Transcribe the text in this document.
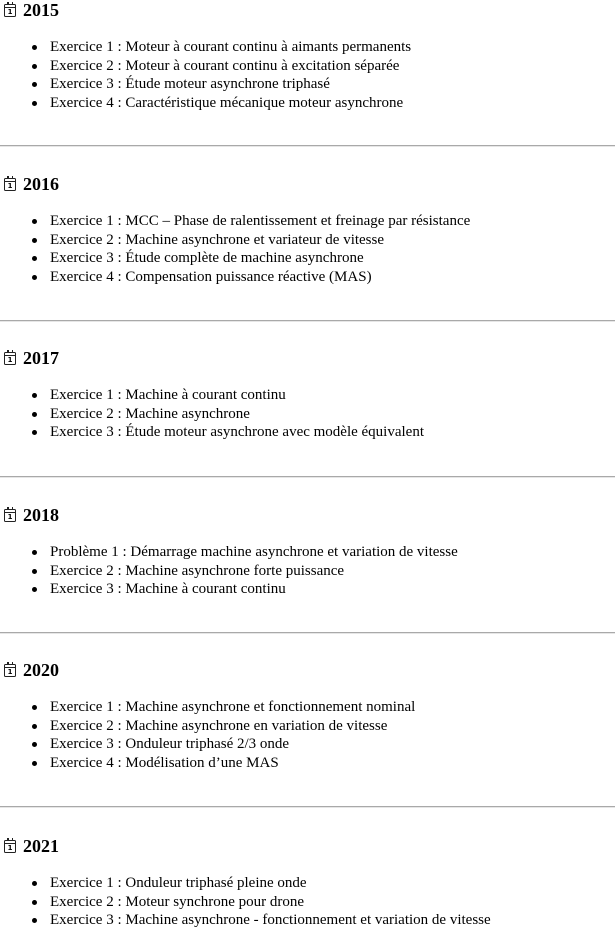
1 2015
Exercice 1 : Moteur à courant continu à aimants permanents
Exercice 2 : Moteur à courant continu à excitation séparée
Exercice 3 : Étude moteur asynchrone triphasé
Exercice 4 : Caractéristique mécanique moteur asynchrone
1 2016
Exercice 1 : MCC – Phase de ralentissement et freinage par résistance
Exercice 2 : Machine asynchrone et variateur de vitesse
Exercice 3 : Étude complète de machine asynchrone
Exercice 4 : Compensation puissance réactive (MAS)
1 2017
Exercice 1 : Machine à courant continu
Exercice 2 : Machine asynchrone
Exercice 3 : Étude moteur asynchrone avec modèle équivalent
1 2018
Problème 1 : Démarrage machine asynchrone et variation de vitesse
Exercice 2 : Machine asynchrone forte puissance
Exercice 3 : Machine à courant continu
1 2020
Exercice 1 : Machine asynchrone et fonctionnement nominal
Exercice 2 : Machine asynchrone en variation de vitesse
Exercice 3 : Onduleur triphasé 2/3 onde
Exercice 4 : Modélisation d’une MAS
1 2021
Exercice 1 : Onduleur triphasé pleine onde
Exercice 2 : Moteur synchrone pour drone
Exercice 3 : Machine asynchrone - fonctionnement et variation de vitesse
